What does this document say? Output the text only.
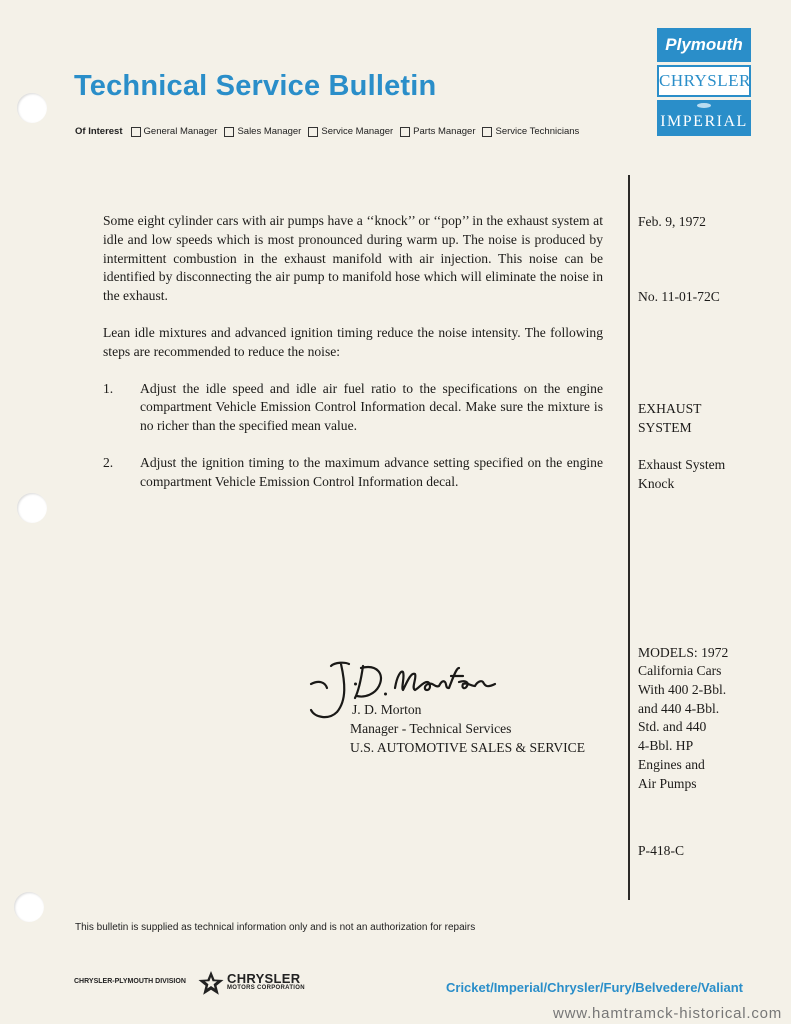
Technical Service Bulletin
Of Interest General Manager Sales Manager Service Manager Parts Manager Service Technicians
Plymouth
CHRYSLER
IMPERIAL

Some eight cylinder cars with air pumps have a ‘‘knock’’ or ‘‘pop’’ in the exhaust system at idle and low speeds which is most pronounced during warm up. The noise is produced by intermittent combustion in the exhaust manifold with air injection. This noise can be identified by disconnecting the air pump to manifold hose which will eliminate the noise in the exhaust.

Lean idle mixtures and advanced ignition timing reduce the noise intensity. The following steps are recommended to reduce the noise:

1.	Adjust the idle speed and idle air fuel ratio to the specifications on the engine compartment Vehicle Emission Control Information decal. Make sure the mixture is no richer than the specified mean value.
2.	Adjust the ignition timing to the maximum advance setting specified on the engine compartment Vehicle Emission Control Information decal.
Feb. 9, 1972
No. 11-01-72C
EXHAUST
SYSTEM
Exhaust System
Knock
MODELS: 1972
California Cars
With 400 2-Bbl.
and 440 4-Bbl.
Std. and 440
4-Bbl. HP
Engines and
Air Pumps
P-418-C
J. D. Morton
Manager - Technical Services
U.S. AUTOMOTIVE SALES & SERVICE
This bulletin is supplied as technical information only and is not an authorization for repairs
CHRYSLER-PLYMOUTH DIVISION	CHRYSLER
MOTORS CORPORATION	Cricket/Imperial/Chrysler/Fury/Belvedere/Valiant
www.hamtramck-historical.com
